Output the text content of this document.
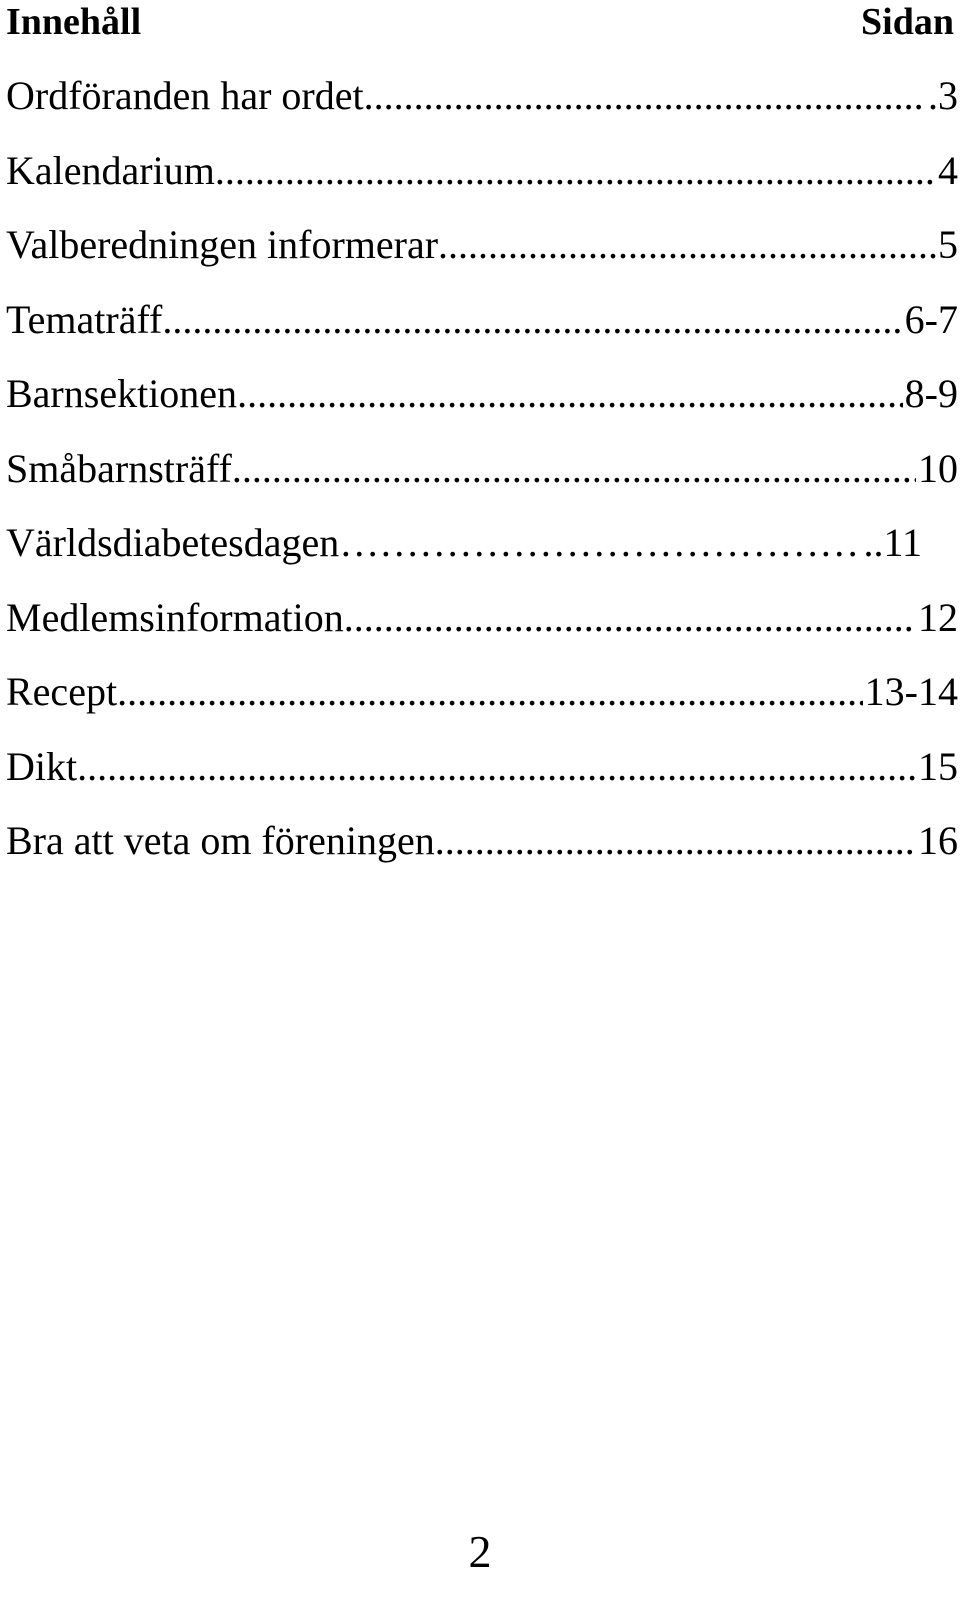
Innehåll	Sidan
Ordföranden har ordet .....	.3
Kalendarium .....	4
Valberedningen informerar .....	5
Tematräff .....	6-7
Barnsektionen .....	8-9
Småbarnsträff .....	10
Världsdiabetesdagen ……………………………………………………………………………………………………	..11
Medlemsinformation .....	12
Recept .....	13-14
Dikt .....	15
Bra att veta om föreningen .....	16
2
